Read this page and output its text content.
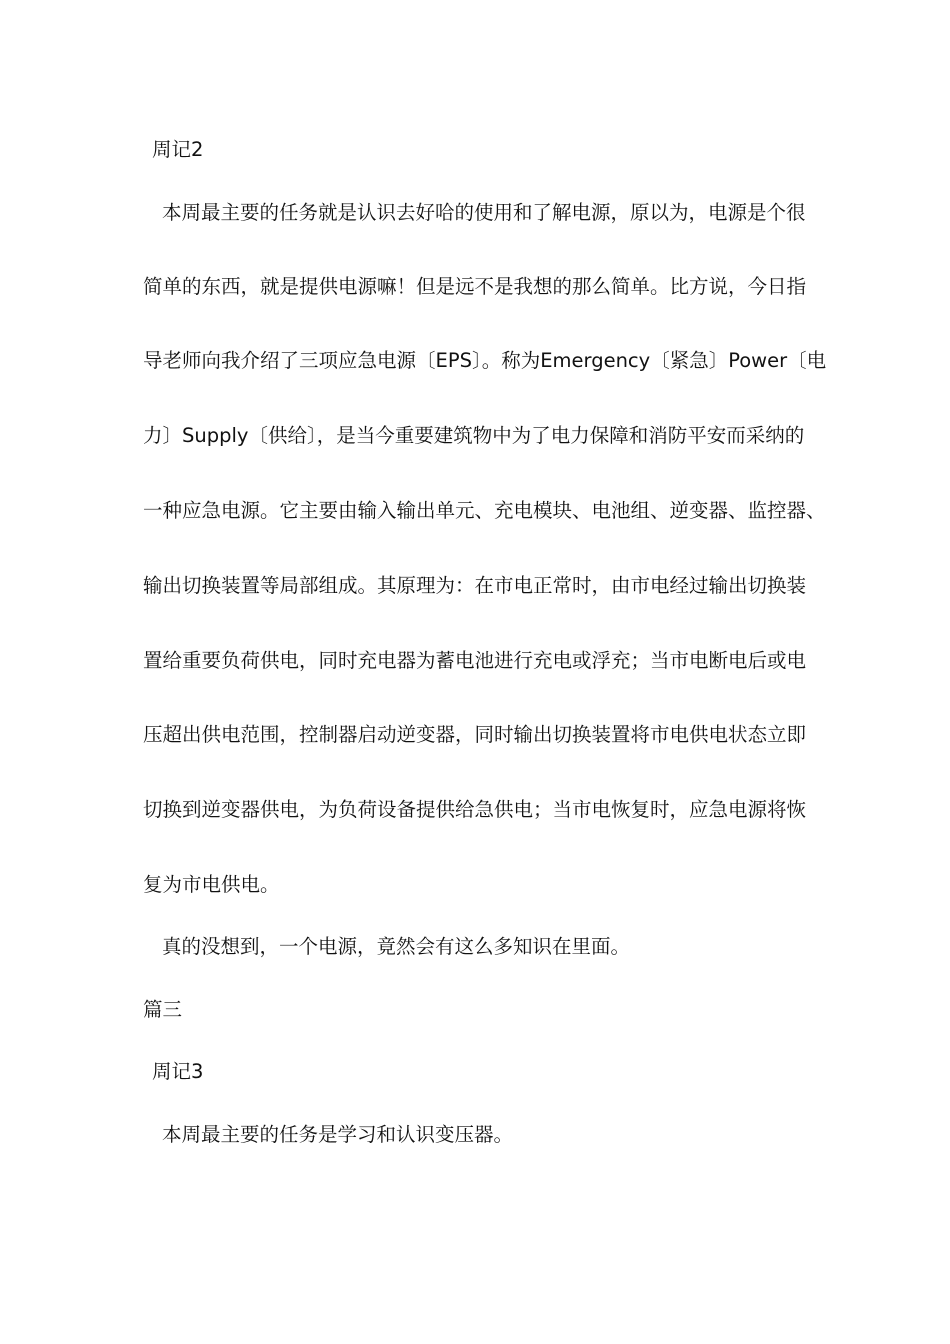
周记2

本周最主要的任务就是认识去好哈的使用和了解电源，原以为，电源是个很

简单的东西，就是提供电源嘛！但是远不是我想的那么简单。比方说，今日指

导老师向我介绍了三项应急电源〔EPS〕。称为Emergency〔紧急〕Power〔电

力〕Supply〔供给〕，是当今重要建筑物中为了电力保障和消防平安而采纳的

一种应急电源。它主要由输入输出单元、充电模块、电池组、逆变器、监控器、

输出切换装置等局部组成。其原理为：在市电正常时，由市电经过输出切换装

置给重要负荷供电，同时充电器为蓄电池进行充电或浮充；当市电断电后或电

压超出供电范围，控制器启动逆变器，同时输出切换装置将市电供电状态立即

切换到逆变器供电，为负荷设备提供给急供电；当市电恢复时，应急电源将恢

复为市电供电。

真的没想到，一个电源，竟然会有这么多知识在里面。

篇三

周记3

本周最主要的任务是学习和认识变压器。
